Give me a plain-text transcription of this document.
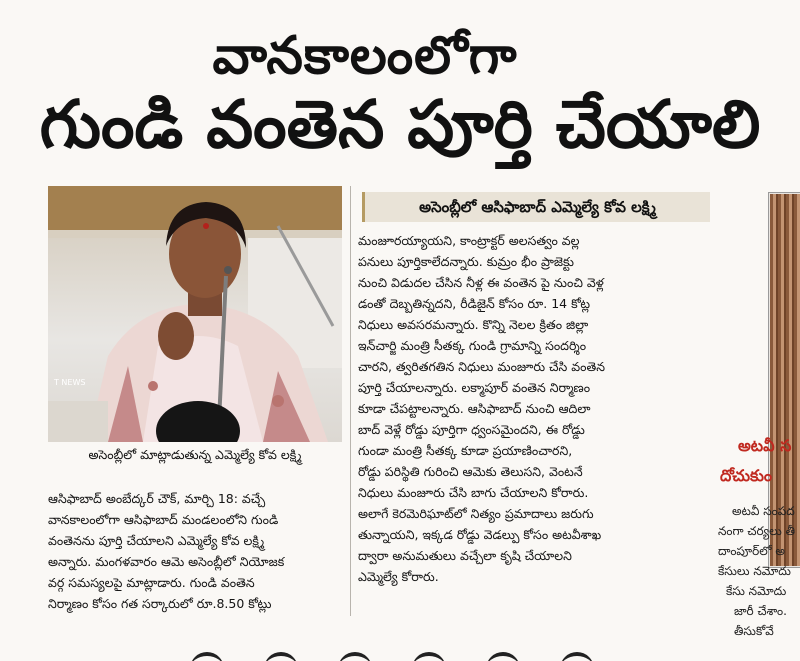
వానకాలంలోగా
గుండి వంతెన పూర్తి చేయాలి
T NEWS
అసెంబ్లీలో మాట్లాడుతున్న ఎమ్మెల్యే కోవ లక్ష్మి
ఆసిఫాబాద్ అంబేద్కర్ చౌక్, మార్చి 18: వచ్చే
వానకాలంలోగా ఆసిఫాబాద్ మండలంలోని గుండి
వంతెనను పూర్తి చేయాలని ఎమ్మెల్యే కోవ లక్ష్మి
అన్నారు. మంగళవారం ఆమె అసెంబ్లీలో నియోజక
వర్గ సమస్యలపై మాట్లాడారు. గుండి వంతెన
నిర్మాణం కోసం గత సర్కారులో రూ.8.50 కోట్లు
అసెంబ్లీలో ఆసిఫాబాద్ ఎమ్మెల్యే కోవ లక్ష్మి
మంజూరయ్యాయని, కాంట్రాక్టర్ అలసత్వం వల్ల
పనులు పూర్తికాలేదన్నారు. కుమ్రం భీం ప్రాజెక్టు
నుంచి విడుదల చేసిన నీళ్ల ఈ వంతెన పై నుంచి వెళ్ల
డంతో దెబ్బతిన్నదని, రీడిజైన్ కోసం రూ. 14 కోట్ల
నిధులు అవసరమన్నారు. కొన్ని నెలల క్రితం జిల్లా
ఇన్‌చార్జి మంత్రి సీతక్క గుండి గ్రామాన్ని సందర్శిం
చారని, త్వరితగతిన నిధులు మంజూరు చేసి వంతెన
పూర్తి చేయాలన్నారు. లక్మాపూర్ వంతెన నిర్మాణం
కూడా చేపట్టాలన్నారు. ఆసిఫాబాద్ నుంచి ఆదిలా
బాద్ వెళ్లే రోడ్డు పూర్తిగా ధ్వంసమైందని, ఈ రోడ్డు
గుండా మంత్రి సీతక్క కూడా ప్రయాణించారని,
రోడ్డు పరిస్థితి గురించి ఆమెకు తెలుసని, వెంటనే
నిధులు మంజూరు చేసి బాగు చేయాలని కోరారు.
అలాగే కెరమెరిఘాట్‌లో నిత్యం ప్రమాదాలు జరుగు
తున్నాయని, ఇక్కడ రోడ్డు వెడల్పు కోసం అటవీశాఖ
ద్వారా అనుమతులు వచ్చేలా కృషి చేయాలని
ఎమ్మెల్యే కోరారు.
అటవీ స
దోచుకుం
అటవీ సంపద
నంగా చర్యలు తీ
దాంపూర్‌లో అ
కేసులు నమోదు
కేసు నమోదు
జారీ చేశాం.
తీసుకోవే
